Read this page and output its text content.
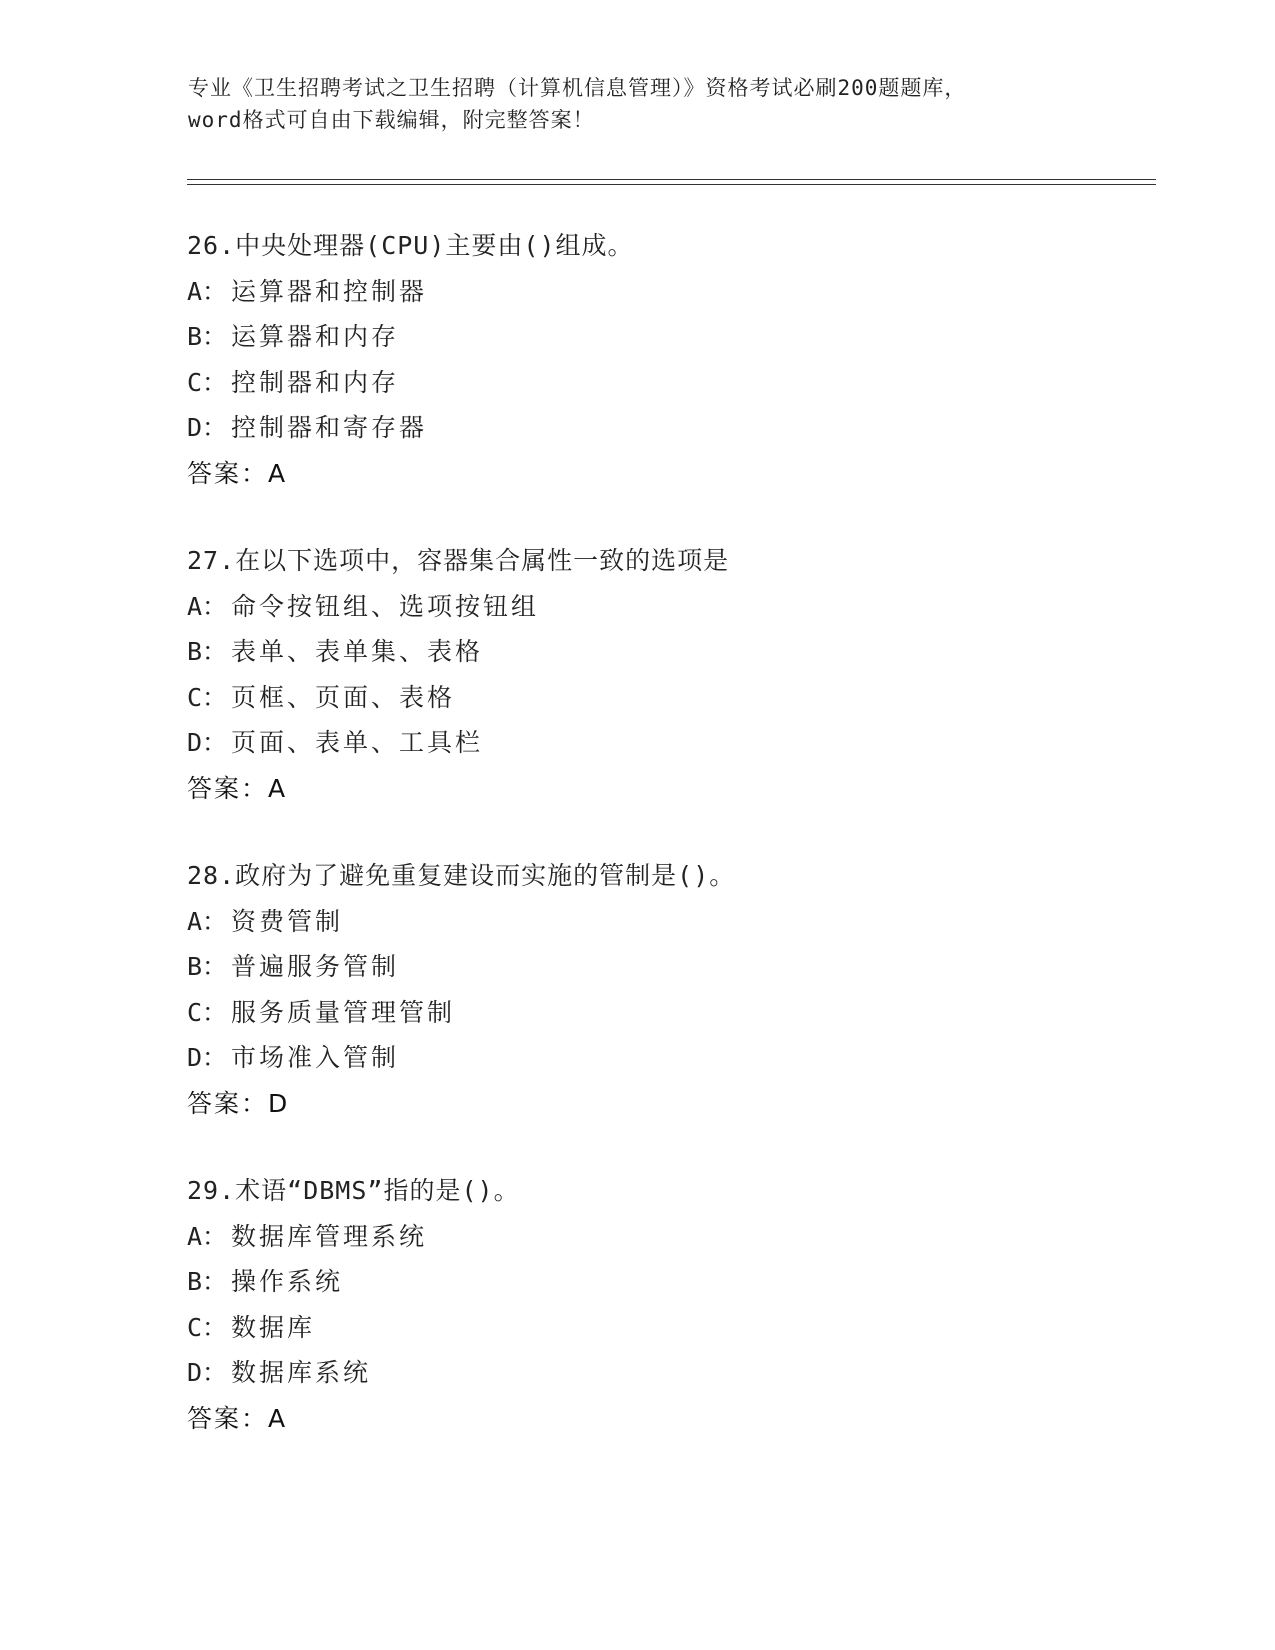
专业《卫生招聘考试之卫生招聘（计算机信息管理）》资格考试必刷200题题库，
word格式可自由下载编辑，附完整答案！
26.中央处理器(CPU)主要由()组成。
A： 运算器和控制器
B： 运算器和内存
C： 控制器和内存
D： 控制器和寄存器
答案：A
27.在以下选项中，容器集合属性一致的选项是
A： 命令按钮组、选项按钮组
B： 表单、表单集、表格
C： 页框、页面、表格
D： 页面、表单、工具栏
答案：A
28.政府为了避免重复建设而实施的管制是()。
A： 资费管制
B： 普遍服务管制
C： 服务质量管理管制
D： 市场准入管制
答案：D
29.术语“DBMS”指的是()。
A： 数据库管理系统
B： 操作系统
C： 数据库
D： 数据库系统
答案：A
